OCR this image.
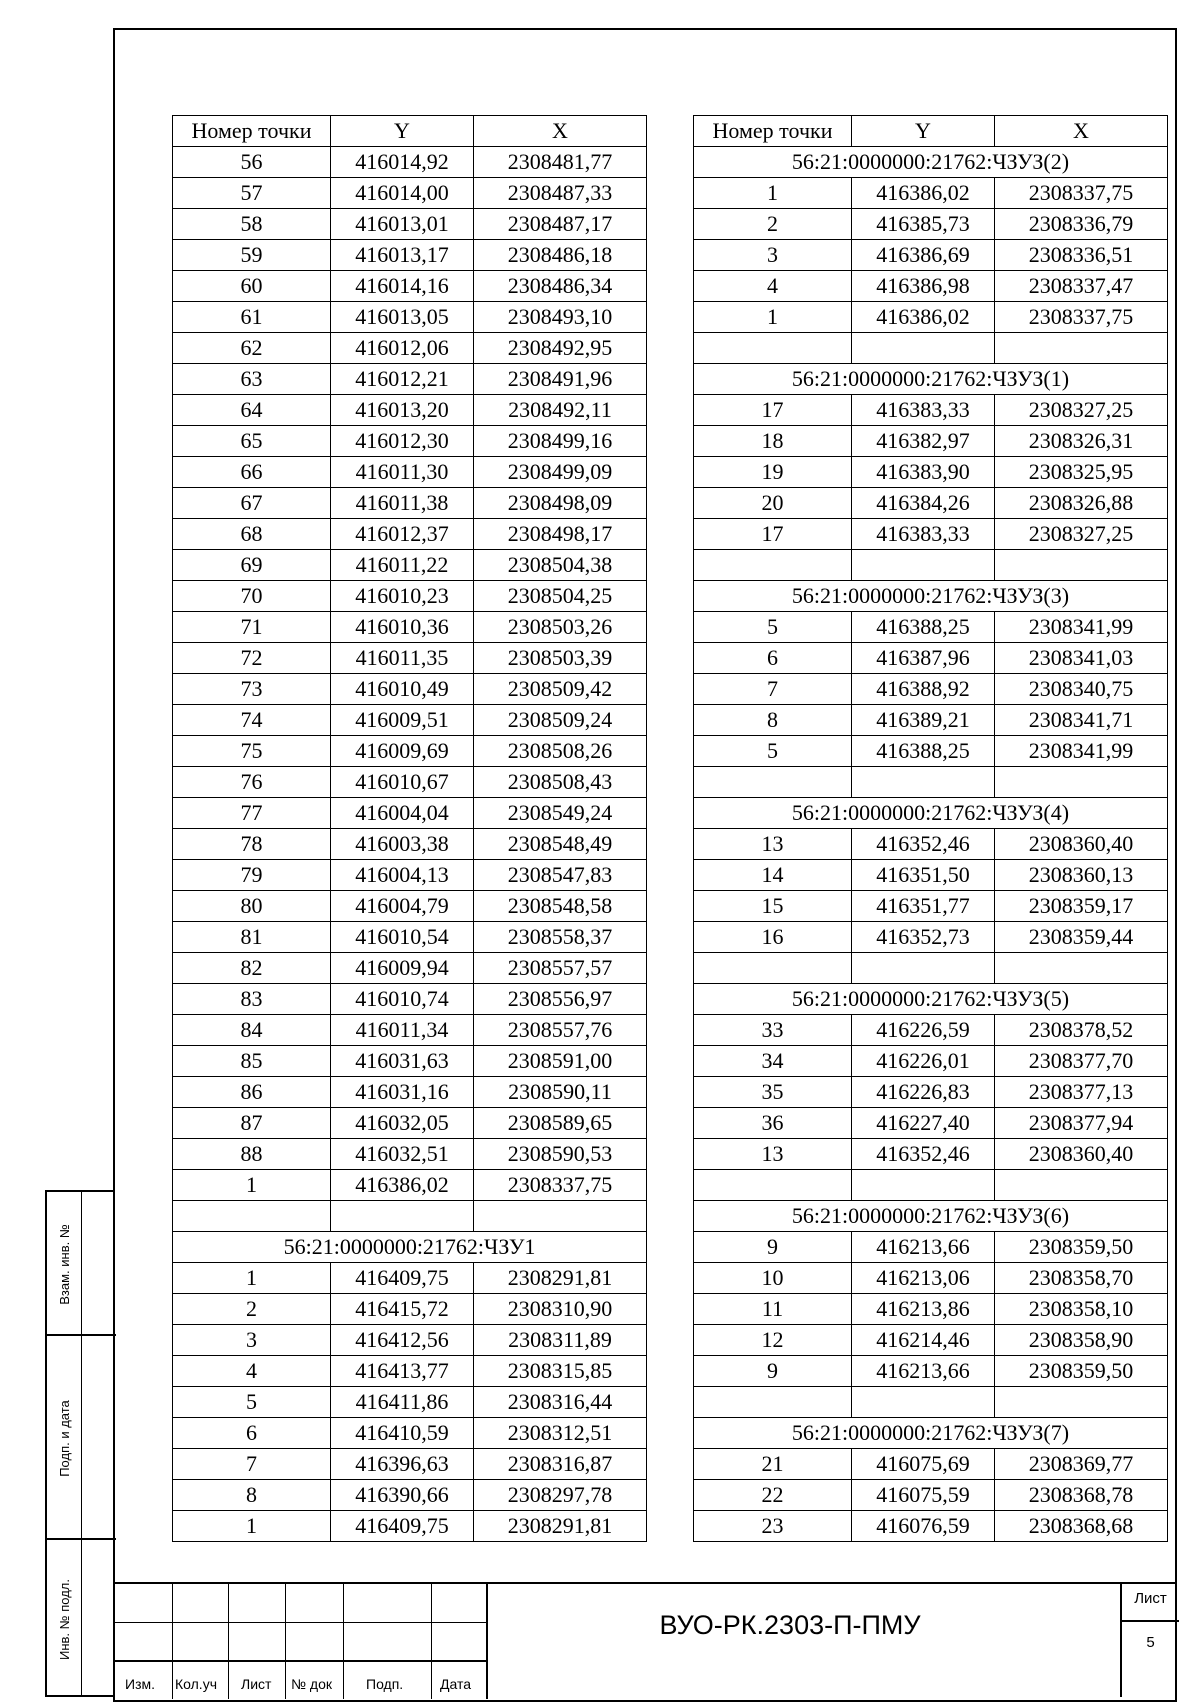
Номер точки	Y	X
56	416014,92	2308481,77
57	416014,00	2308487,33
58	416013,01	2308487,17
59	416013,17	2308486,18
60	416014,16	2308486,34
61	416013,05	2308493,10
62	416012,06	2308492,95
63	416012,21	2308491,96
64	416013,20	2308492,11
65	416012,30	2308499,16
66	416011,30	2308499,09
67	416011,38	2308498,09
68	416012,37	2308498,17
69	416011,22	2308504,38
70	416010,23	2308504,25
71	416010,36	2308503,26
72	416011,35	2308503,39
73	416010,49	2308509,42
74	416009,51	2308509,24
75	416009,69	2308508,26
76	416010,67	2308508,43
77	416004,04	2308549,24
78	416003,38	2308548,49
79	416004,13	2308547,83
80	416004,79	2308548,58
81	416010,54	2308558,37
82	416009,94	2308557,57
83	416010,74	2308556,97
84	416011,34	2308557,76
85	416031,63	2308591,00
86	416031,16	2308590,11
87	416032,05	2308589,65
88	416032,51	2308590,53
1	416386,02	2308337,75

56:21:0000000:21762:ЧЗУ1		
1	416409,75	2308291,81
2	416415,72	2308310,90
3	416412,56	2308311,89
4	416413,77	2308315,85
5	416411,86	2308316,44
6	416410,59	2308312,51
7	416396,63	2308316,87
8	416390,66	2308297,78
1	416409,75	2308291,81
Номер точки	Y	X
56:21:0000000:21762:ЧЗУЗ(2)		
1	416386,02	2308337,75
2	416385,73	2308336,79
3	416386,69	2308336,51
4	416386,98	2308337,47
1	416386,02	2308337,75

56:21:0000000:21762:ЧЗУЗ(1)		
17	416383,33	2308327,25
18	416382,97	2308326,31
19	416383,90	2308325,95
20	416384,26	2308326,88
17	416383,33	2308327,25

56:21:0000000:21762:ЧЗУЗ(3)		
5	416388,25	2308341,99
6	416387,96	2308341,03
7	416388,92	2308340,75
8	416389,21	2308341,71
5	416388,25	2308341,99

56:21:0000000:21762:ЧЗУЗ(4)		
13	416352,46	2308360,40
14	416351,50	2308360,13
15	416351,77	2308359,17
16	416352,73	2308359,44

56:21:0000000:21762:ЧЗУЗ(5)		
33	416226,59	2308378,52
34	416226,01	2308377,70
35	416226,83	2308377,13
36	416227,40	2308377,94
13	416352,46	2308360,40

56:21:0000000:21762:ЧЗУЗ(6)		
9	416213,66	2308359,50
10	416213,06	2308358,70
11	416213,86	2308358,10
12	416214,46	2308358,90
9	416213,66	2308359,50

56:21:0000000:21762:ЧЗУЗ(7)		
21	416075,69	2308369,77
22	416075,59	2308368,78
23	416076,59	2308368,68
Взам. инв. №
Подп. и дата
Инв. № подл.
Изм. Кол.уч Лист № док Подп.	Дата
ВУО-РК.2303-П-ПМУ
Лист
5
